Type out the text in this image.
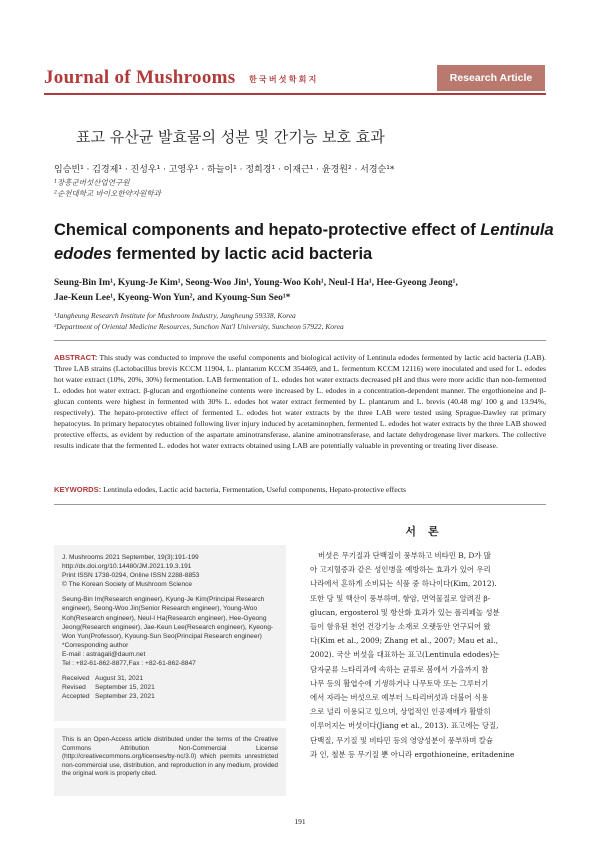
Journal of Mushrooms 한국버섯학회지	Research Article
표고 유산균 발효물의 성분 및 간기능 보호 효과
임승빈¹ · 김경제¹ · 진성우¹ · 고영우¹ · 하늘이¹ · 정희경¹ · 이재근¹ · 윤경원² · 서경순¹*
¹장흥군버섯산업연구원
²순천대학교 바이오한약자원학과
Chemical components and hepato-protective effect of Lentinula
edodes fermented by lactic acid bacteria
Seung-Bin Im¹, Kyung-Je Kim¹, Seong-Woo Jin¹, Young-Woo Koh¹, Neul-I Ha¹, Hee-Gyeong Jeong¹,
Jae-Keun Lee¹, Kyeong-Won Yun², and Kyoung-Sun Seo¹*
¹Jangheung Research Institute for Mushroom Industry, Jangheung 59338, Korea
²Department of Oriental Medicine Resources, Sunchon Nat'l University, Suncheon 57922, Korea
ABSTRACT: This study was conducted to improve the useful components and biological activity of Lentinula edodes fermented by lactic acid bacteria (LAB). Three LAB strains (Lactobacillus brevis KCCM 11904, L. plantarum KCCM 354469, and L. fermentum KCCM 12116) were inoculated and used for L. edodes hot water extract (10%, 20%, 30%) fermentation. LAB fermentation of L. edodes hot water extracts decreased pH and thus were more acidic than non-fermented L. edodes hot water extract. β-glucan and ergothioneine contents were increased by L. edodes in a concentration-dependent manner. The ergothioneine and β-glucan contents were highest in fermented with 30% L. edodes hot water extract fermented by L. plantarum and L. brevis (40.48 mg/ 100 g and 13.94%, respectively). The hepato-protective effect of fermented L. edodes hot water extracts by the three LAB were tested using Sprague-Dawley rat primary hepatocytes. In primary hepatocytes obtained following liver injury induced by acetaminophen, fermented L. edodes hot water extracts by the three LAB showed protective effects, as evident by reduction of the aspartate aminotransferase, alanine aminotransferase, and lactate dehydrogenase liver markers. The collective results indicate that the fermented L. edodes hot water extracts obtained using LAB are potentially valuable in preventing or treating liver disease.
KEYWORDS: Lentinula edodes, Lactic acid bacteria, Fermentation, Useful components, Hepato-protective effects
J. Mushrooms 2021 September, 19(3):191-199
http://dx.doi.org/10.14480/JM.2021.19.3.191
Print ISSN 1738-0294, Online ISSN 2288-8853
© The Korean Society of Mushroom Science
Seung-Bin Im(Research engineer), Kyung-Je Kim(Principal Research
engineer), Seong-Woo Jin(Senior Research engineer), Young-Woo
Koh(Research engineer), Neul-I Ha(Research engineer), Hee-Gyeong
Jeong(Research engineer), Jae-Keun Lee(Research engineer), Kyeong-
Won Yun(Professor), Kyoung-Sun Seo(Principal Research engineer)
*Corresponding author
E-mail : astragali@daum.net
Tel : +82-61-862-8877,Fax : +82-61-862-8847
Received August 31, 2021
Revised	September 15, 2021
Accepted September 23, 2021
This is an Open-Access article distributed under the terms of the Creative Commons Attribution Non-Commercial License (http://creativecommons.org/licenses/by-nc/3.0) which permits unrestricted non-commercial use, distribution, and reproduction in any medium, provided the original work is properly cited.
서론
버섯은 무기질과 단백질이 풍부하고 비타민 B, D가 많
아 고지혈증과 같은 성인병을 예방하는 효과가 있어 우리
나라에서 흔하게 소비되는 식품 중 하나이다(Kim, 2012).
또한 당 및 핵산이 풍부하며, 항암, 면역물질로 알려진 β-
glucan, ergosterol 및 항산화 효과가 있는 폴리페놀 성분
들이 함유된 천연 건강기능 소재로 오랫동안 연구되어 왔
다(Kim et al., 2009; Zhang et al., 2007; Mau et al.,
2002). 국산 버섯을 대표하는 표고(Lentinula edodes)는
담자균류 느타리과에 속하는 균류로 봄에서 가을까지 참
나무 등의 활엽수에 기생하거나 나무토막 또는 그루터기
에서 자라는 버섯으로 예부터 느타리버섯과 더불어 식용
으로 널리 이용되고 있으며, 상업적인 인공재배가 활발히
이루어지는 버섯이다(Jiang et al., 2013). 표고에는 당질,
단백질, 무기질 및 비타민 등의 영양성분이 풍부하며 칼슘
과 인, 철분 등 무기질 뿐 아니라 ergothioneine, eritadenine
191
